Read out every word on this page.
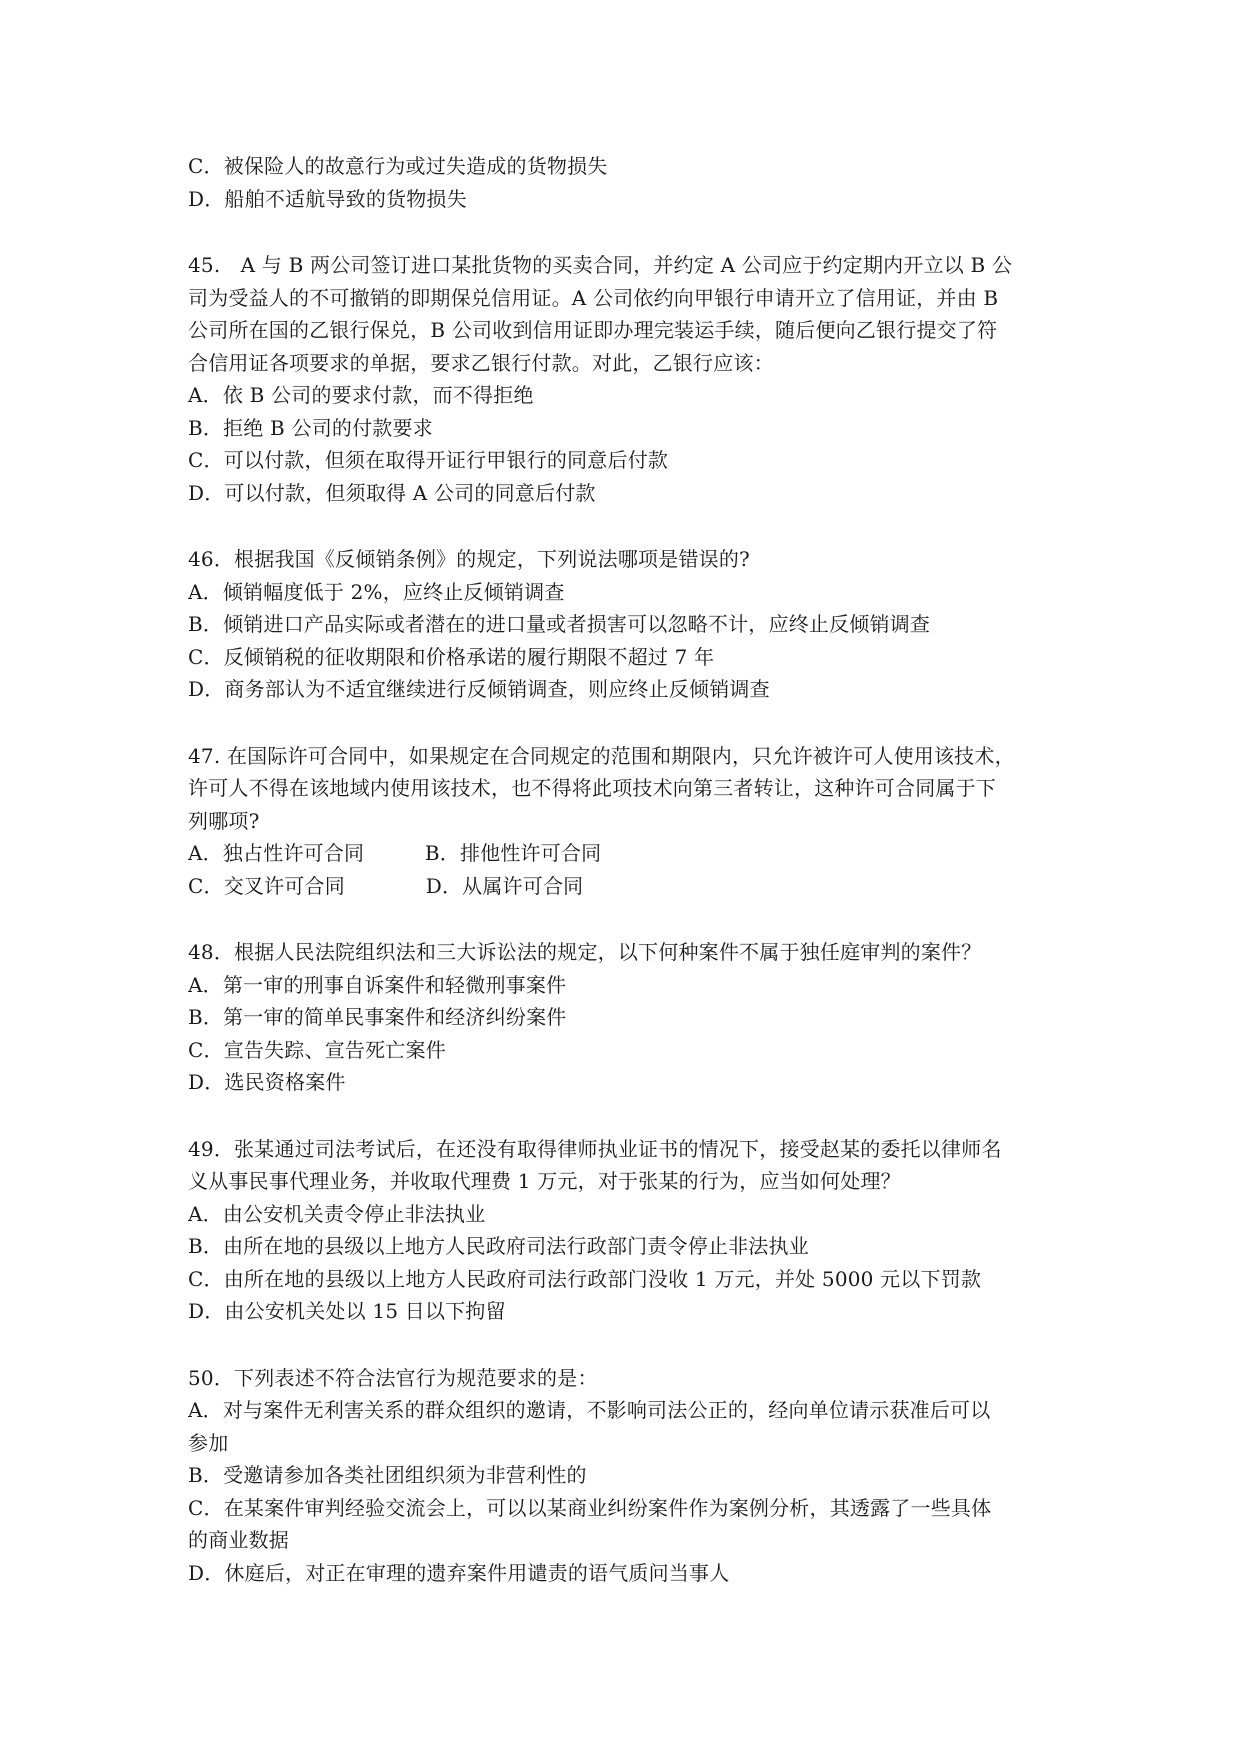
C．被保险人的故意行为或过失造成的货物损失
D．船舶不适航导致的货物损失
45.　A 与 B 两公司签订进口某批货物的买卖合同，并约定 A 公司应于约定期内开立以 B 公
司为受益人的不可撤销的即期保兑信用证。A 公司依约向甲银行申请开立了信用证，并由 B
公司所在国的乙银行保兑，B 公司收到信用证即办理完装运手续，随后便向乙银行提交了符
合信用证各项要求的单据，要求乙银行付款。对此，乙银行应该：
A．依 B 公司的要求付款，而不得拒绝
B．拒绝 B 公司的付款要求
C．可以付款，但须在取得开证行甲银行的同意后付款
D．可以付款，但须取得 A 公司的同意后付款
46．根据我国《反倾销条例》的规定，下列说法哪项是错误的?
A．倾销幅度低于 2%，应终止反倾销调查
B．倾销进口产品实际或者潜在的进口量或者损害可以忽略不计，应终止反倾销调查
C．反倾销税的征收期限和价格承诺的履行期限不超过 7 年
D．商务部认为不适宜继续进行反倾销调查，则应终止反倾销调查
47. 在国际许可合同中，如果规定在合同规定的范围和期限内，只允许被许可人使用该技术，
许可人不得在该地域内使用该技术，也不得将此项技术向第三者转让，这种许可合同属于下
列哪项?
A．独占性许可合同　　　B．排他性许可合同
C．交叉许可合同　　　　D．从属许可合同
48．根据人民法院组织法和三大诉讼法的规定，以下何种案件不属于独任庭审判的案件？
A．第一审的刑事自诉案件和轻微刑事案件
B．第一审的简单民事案件和经济纠纷案件
C．宣告失踪、宣告死亡案件
D．选民资格案件
49．张某通过司法考试后，在还没有取得律师执业证书的情况下，接受赵某的委托以律师名
义从事民事代理业务，并收取代理费 1 万元，对于张某的行为，应当如何处理？
A．由公安机关责令停止非法执业
B．由所在地的县级以上地方人民政府司法行政部门责令停止非法执业
C．由所在地的县级以上地方人民政府司法行政部门没收 1 万元，并处 5000 元以下罚款
D．由公安机关处以 15 日以下拘留
50．下列表述不符合法官行为规范要求的是：
A．对与案件无利害关系的群众组织的邀请，不影响司法公正的，经向单位请示获准后可以
参加
B．受邀请参加各类社团组织须为非营利性的
C．在某案件审判经验交流会上，可以以某商业纠纷案件作为案例分析，其透露了一些具体
的商业数据
D．休庭后，对正在审理的遗弃案件用谴责的语气质问当事人
